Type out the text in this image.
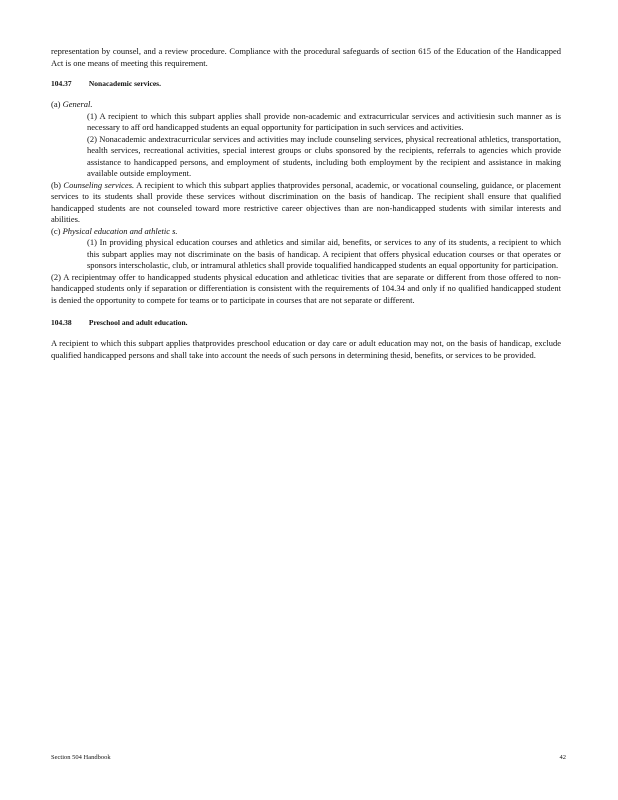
representation by counsel, and a review procedure. Compliance with the procedural safeguards of section 615 of the Education of the Handicapped Act is one means of meeting this requirement.

104.37 Nonacademic services.

(a) General.

(1) A recipient to which this subpart applies shall provide non-academic and extracurricular services and activitiesin such manner as is necessary to aff ord handicapped students an equal opportunity for participation in such services and activities.

(2) Nonacademic andextracurricular services and activities may include counseling services, physical recreational athletics, transportation, health services, recreational activities, special interest groups or clubs sponsored by the recipients, referrals to agencies which provide assistance to handicapped persons, and employment of students, including both employment by the recipient and assistance in making available outside employment.

(b) Counseling services. A recipient to which this subpart applies thatprovides personal, academic, or vocational counseling, guidance, or placement services to its students shall provide these services without discrimination on the basis of handicap. The recipient shall ensure that qualified handicapped students are not counseled toward more restrictive career objectives than are non-handicapped students with similar interests and abilities.

(c) Physical education and athletic s.

(1) In providing physical education courses and athletics and similar aid, benefits, or services to any of its students, a recipient to which this subpart applies may not discriminate on the basis of handicap. A recipient that offers physical education courses or that operates or sponsors interscholastic, club, or intramural athletics shall provide toqualified handicapped students an equal opportunity for participation.

(2) A recipientmay offer to handicapped students physical education and athleticac tivities that are separate or different from those offered to non-handicapped students only if separation or differentiation is consistent with the requirements of 104.34 and only if no qualified handicapped student is denied the opportunity to compete for teams or to participate in courses that are not separate or different.

104.38 Preschool and adult education.

A recipient to which this subpart applies thatprovides preschool education or day care or adult education may not, on the basis of handicap, exclude qualified handicapped persons and shall take into account the needs of such persons in determining thesid, benefits, or services to be provided.

Section 504 Handbook	42
